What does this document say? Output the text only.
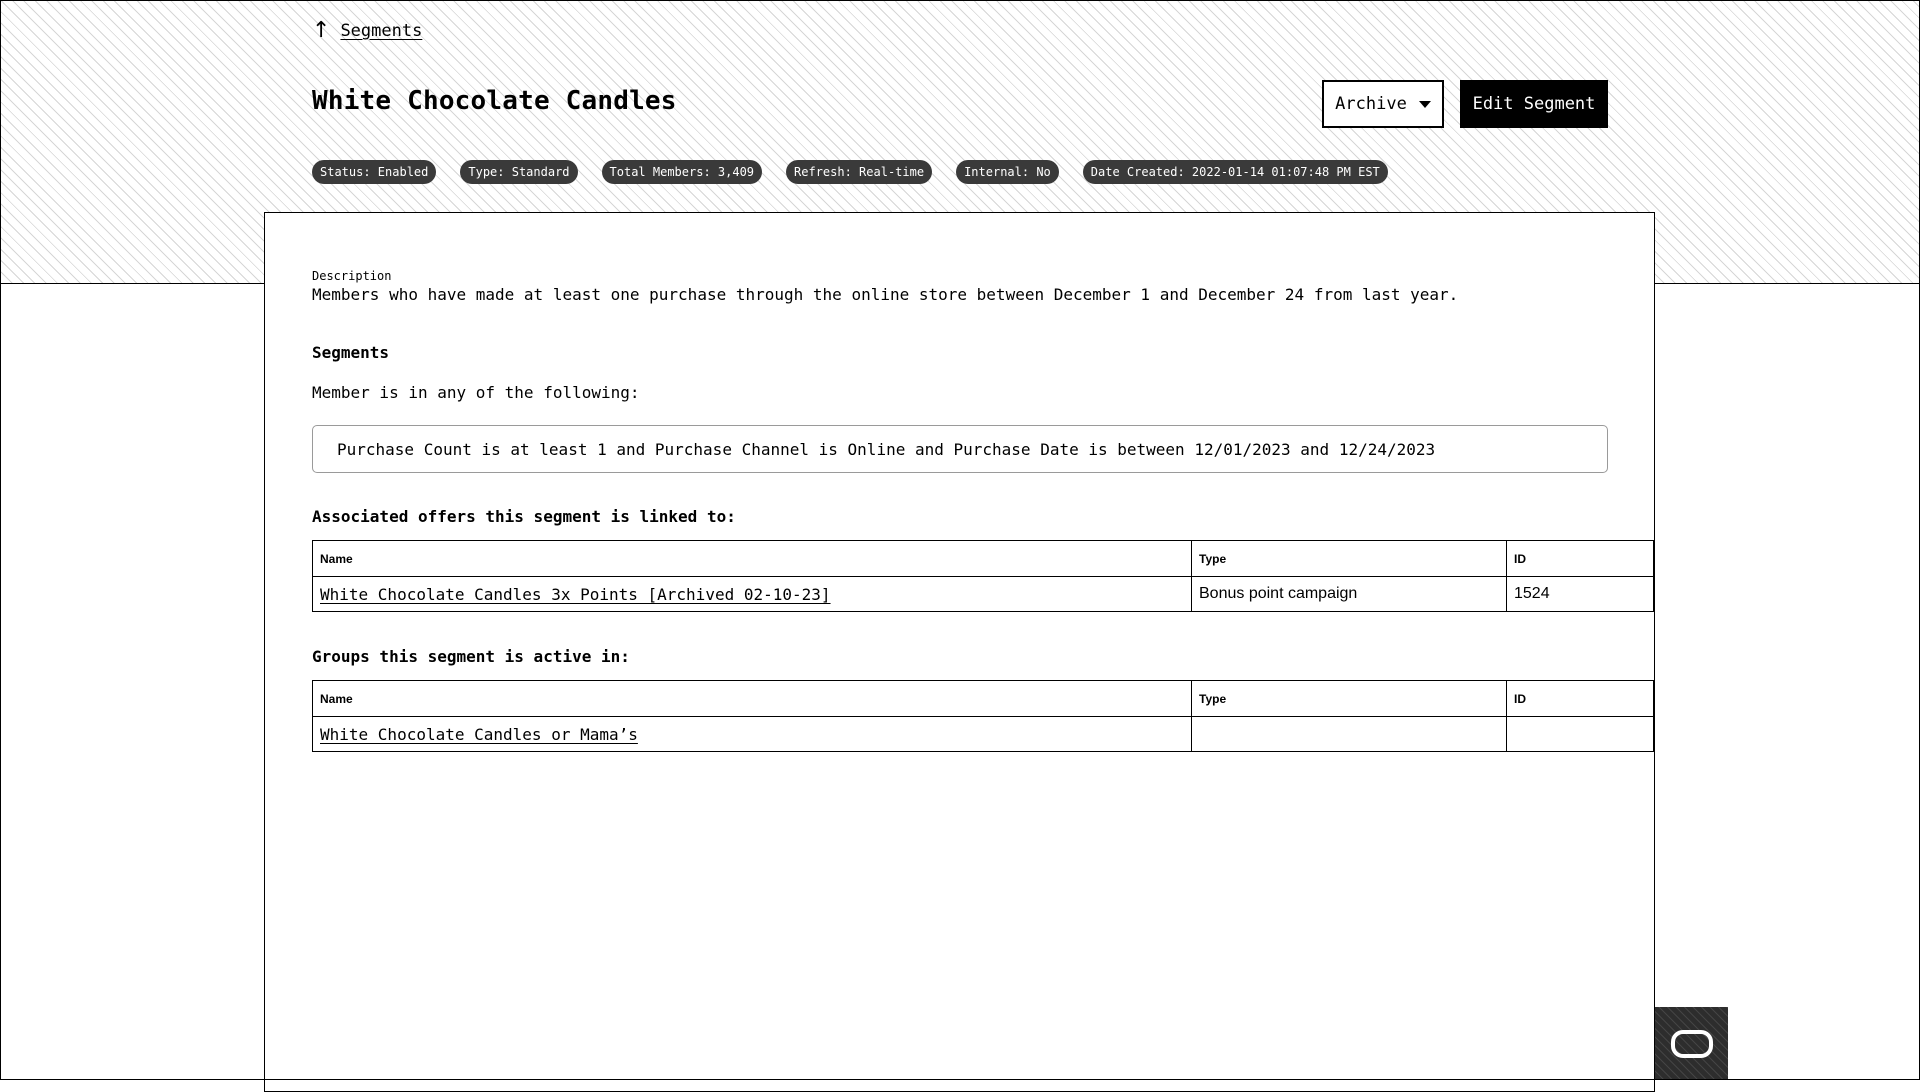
↑ Segments
White Chocolate Candles	Archive	Edit Segment
Status: Enabled	Type: Standard	Total Members: 3,409	Refresh: Real-time	Internal: No	Date Created: 2022-01-14 01:07:48 PM EST
Description
Members who have made at least one purchase through the online store between December 1 and December 24 from last year.
Segments
Member is in any of the following:
Purchase Count is at least 1 and Purchase Channel is Online and Purchase Date is between 12/01/2023 and 12/24/2023
Associated offers this segment is linked to:
Name	Type	ID
White Chocolate Candles 3x Points [Archived 02-10-23]	Bonus point campaign	1524
Groups this segment is active in:
Name	Type	ID
White Chocolate Candles or Mama’s		
